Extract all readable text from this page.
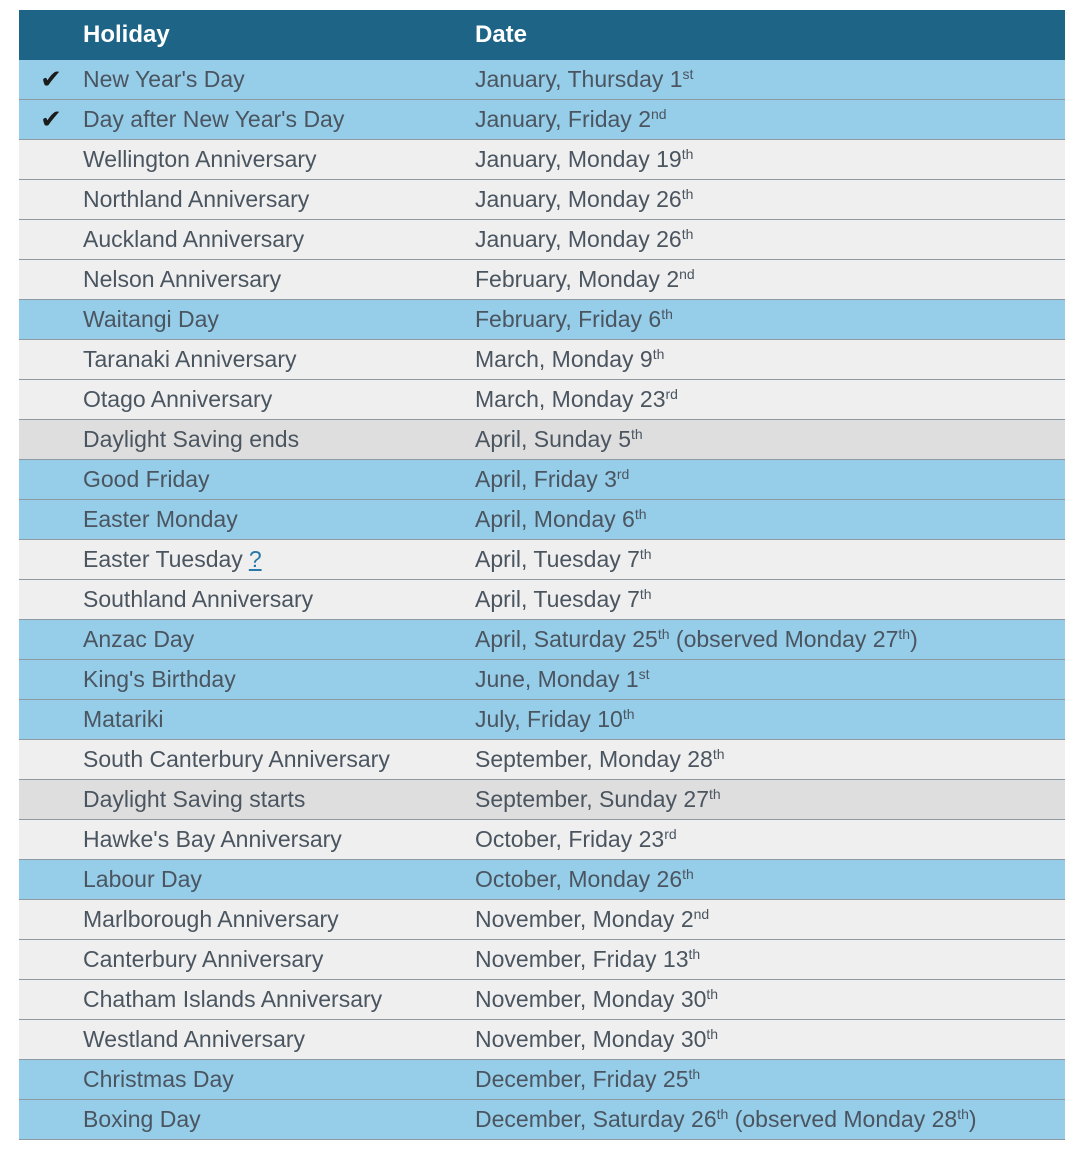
Holiday	Date
✔ New Year's Day	January, Thursday 1st
✔ Day after New Year's Day	January, Friday 2nd
Wellington Anniversary	January, Monday 19th
Northland Anniversary	January, Monday 26th
Auckland Anniversary	January, Monday 26th
Nelson Anniversary	February, Monday 2nd
Waitangi Day	February, Friday 6th
Taranaki Anniversary	March, Monday 9th
Otago Anniversary	March, Monday 23rd
Daylight Saving ends	April, Sunday 5th
Good Friday	April, Friday 3rd
Easter Monday	April, Monday 6th
Easter Tuesday ?	April, Tuesday 7th
Southland Anniversary	April, Tuesday 7th
Anzac Day	April, Saturday 25th (observed Monday 27th)
King's Birthday	June, Monday 1st
Matariki	July, Friday 10th
South Canterbury Anniversary	September, Monday 28th
Daylight Saving starts	September, Sunday 27th
Hawke's Bay Anniversary	October, Friday 23rd
Labour Day	October, Monday 26th
Marlborough Anniversary	November, Monday 2nd
Canterbury Anniversary	November, Friday 13th
Chatham Islands Anniversary	November, Monday 30th
Westland Anniversary	November, Monday 30th
Christmas Day	December, Friday 25th
Boxing Day	December, Saturday 26th (observed Monday 28th)
